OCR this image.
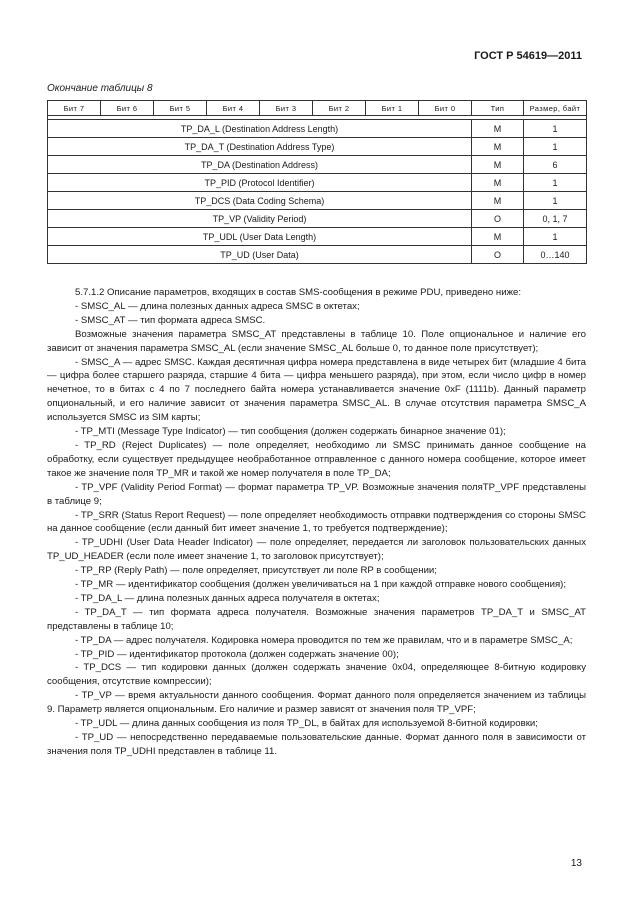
ГОСТ Р 54619—2011
Окончание таблицы 8
Бит 7	Бит 6	Бит 5	Бит 4	Бит 3	Бит 2	Бит 1	Бит 0	Тип	Размер, байт

TP_DA_L (Destination Address Length)								M	1
TP_DA_T (Destination Address Type)								M	1
TP_DA (Destination Address)								M	6
TP_PID (Protocol Identifier)								M	1
TP_DCS (Data Coding Schema)								M	1
TP_VP (Validity Period)								O	0, 1, 7
TP_UDL (User Data Length)								M	1
TP_UD (User Data)								O	0…140

5.7.1.2 Описание параметров, входящих в состав SMS-сообщения в режиме PDU, приведено ниже:

- SMSC_AL — длина полезных данных адреса SMSC в октетах;

- SMSC_AT — тип формата адреса SMSC.

Возможные значения параметра SMSC_AT представлены в таблице 10. Поле опциональное и наличие его зависит от значения параметра SMSC_AL (если значение SMSC_AL больше 0, то данное поле присутствует);

- SMSC_A — адрес SMSC. Каждая десятичная цифра номера представлена в виде четырех бит (младшие 4 бита — цифра более старшего разряда, старшие 4 бита — цифра меньшего разряда), при этом, если число цифр в номер нечетное, то в битах с 4 по 7 последнего байта номера устанавливается значение 0xF (1111b). Данный параметр опциональный, и его наличие зависит от значения параметра SMSC_AL. В случае отсутствия параметра SMSC_A используется SMSC из SIM карты;

- TP_MTI (Message Type Indicator) — тип сообщения (должен содержать бинарное значение 01);

- TP_RD (Reject Duplicates) — поле определяет, необходимо ли SMSC принимать данное сообщение на обработку, если существует предыдущее необработанное отправленное с данного номера сообщение, которое имеет такое же значение поля TP_MR и такой же номер получателя в поле TP_DA;

- TP_VPF (Validity Period Format) — формат параметра TP_VP. Возможные значения поляTP_VPF представлены в таблице 9;

- TP_SRR (Status Report Request) — поле определяет необходимость отправки подтверждения со стороны SMSC на данное сообщение (если данный бит имеет значение 1, то требуется подтверждение);

- TP_UDHI (User Data Header Indicator) — поле определяет, передается ли заголовок пользовательских данных TP_UD_HEADER (если поле имеет значение 1, то заголовок присутствует);

- TP_RP (Reply Path) — поле определяет, присутствует ли поле RP в сообщении;

- TP_MR — идентификатор сообщения (должен увеличиваться на 1 при каждой отправке нового сообщения);

- TP_DA_L — длина полезных данных адреса получателя в октетах;

- TP_DA_T — тип формата адреса получателя. Возможные значения параметров TP_DA_T и SMSC_AT представлены в таблице 10;

- TP_DA — адрес получателя. Кодировка номера проводится по тем же правилам, что и в параметре SMSC_A;

- TP_PID — идентификатор протокола (должен содержать значение 00);

- TP_DCS — тип кодировки данных (должен содержать значение 0x04, определяющее 8-битную кодировку сообщения, отсутствие компрессии);

- TP_VP — время актуальности данного сообщения. Формат данного поля определяется значением из таблицы 9. Параметр является опциональным. Его наличие и размер зависят от значения поля TP_VPF;

- TP_UDL — длина данных сообщения из поля TP_DL, в байтах для используемой 8-битной кодировки;

- TP_UD — непосредственно передаваемые пользовательские данные. Формат данного поля в зависимости от значения поля TP_UDHI представлен в таблице 11.

13
